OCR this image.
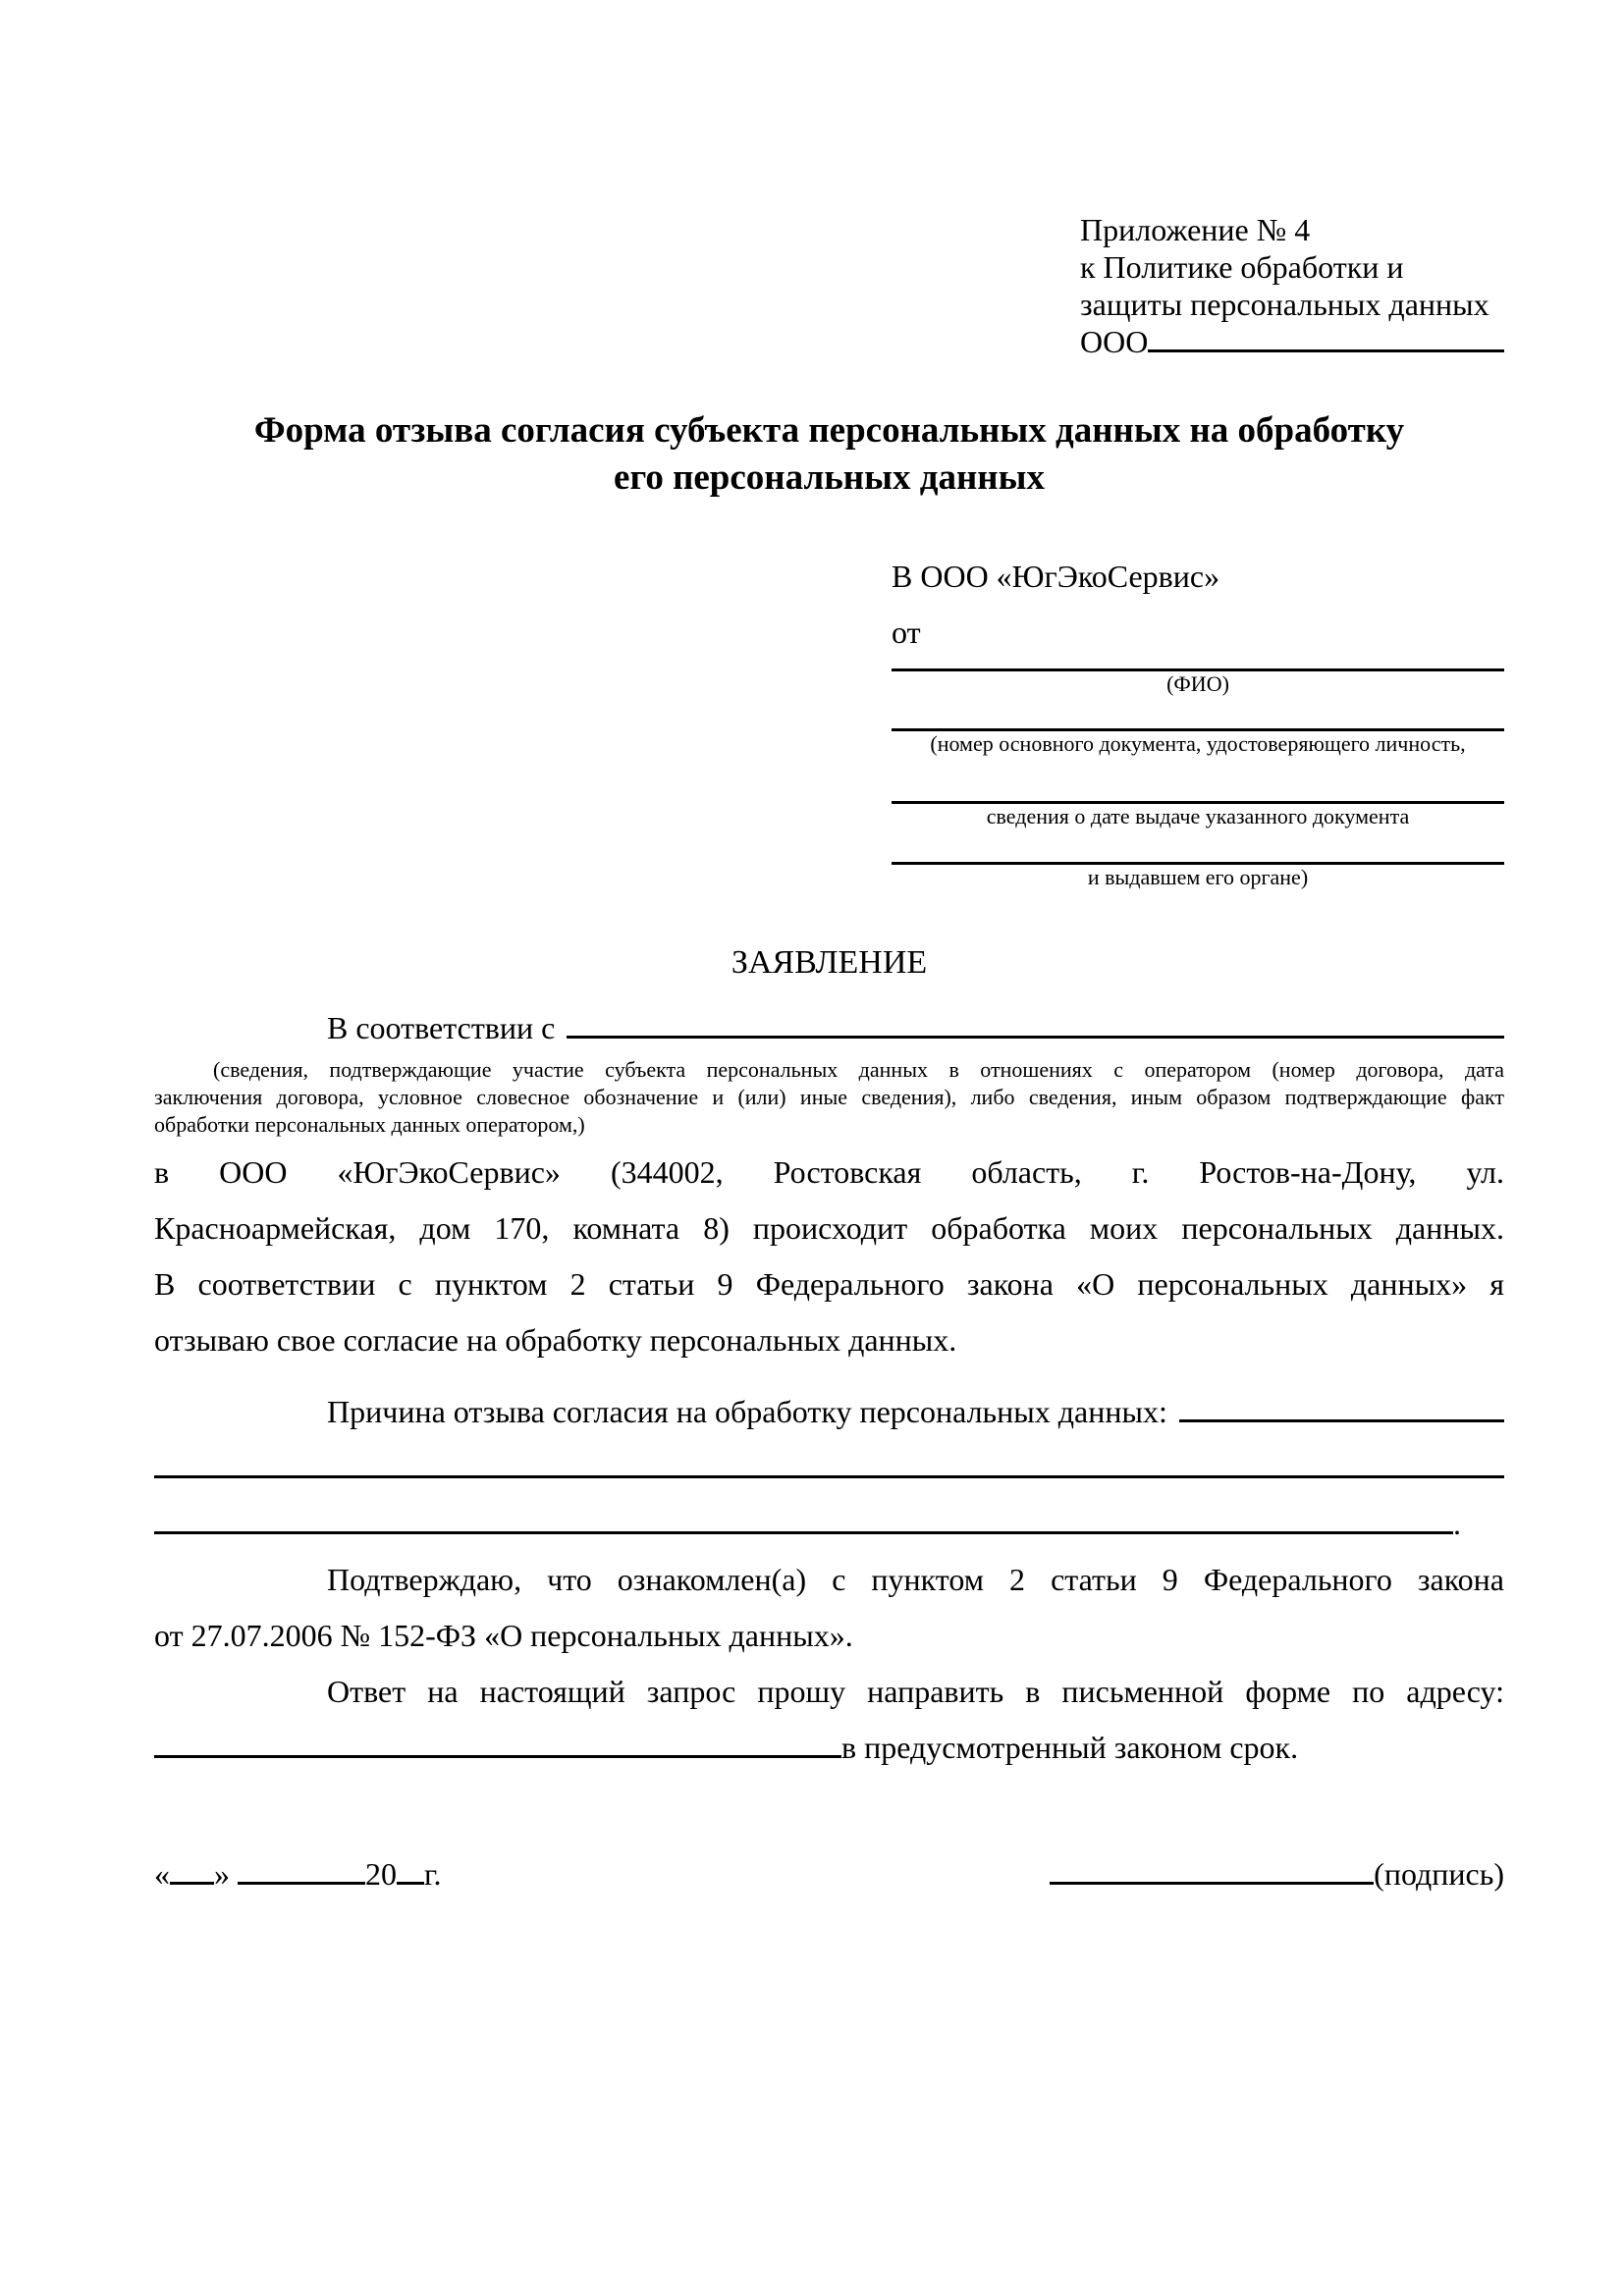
Приложение № 4
к Политике обработки и
защиты персональных данных
ООО
Форма отзыва согласия субъекта персональных данных на обработку
его персональных данных
В ООО «ЮгЭкоСервис»
от
(ФИО)
(номер основного документа, удостоверяющего личность,
сведения о дате выдаче указанного документа
и выдавшем его органе)
ЗАЯВЛЕНИЕ
В соответствии с
(сведения, подтверждающие участие субъекта персональных данных в отношениях с оператором (номер договора, дата
заключения договора, условное словесное обозначение и (или) иные сведения), либо сведения, иным образом подтверждающие факт
обработки персональных данных оператором,)
в ООО «ЮгЭкоСервис» (344002, Ростовская область, г. Ростов-на-Дону, ул.
Красноармейская, дом 170, комната 8) происходит обработка моих персональных данных.
В соответствии с пунктом 2 статьи 9 Федерального закона «О персональных данных» я
отзываю свое согласие на обработку персональных данных.
Причина отзыва согласия на обработку персональных данных:
.
Подтверждаю, что ознакомлен(а) с пунктом 2 статьи 9 Федерального закона
от 27.07.2006 № 152-ФЗ «О персональных данных».
Ответ на настоящий запрос прошу направить в письменной форме по адресу:
в предусмотренный законом срок.
« »	20 г.	(подпись)
